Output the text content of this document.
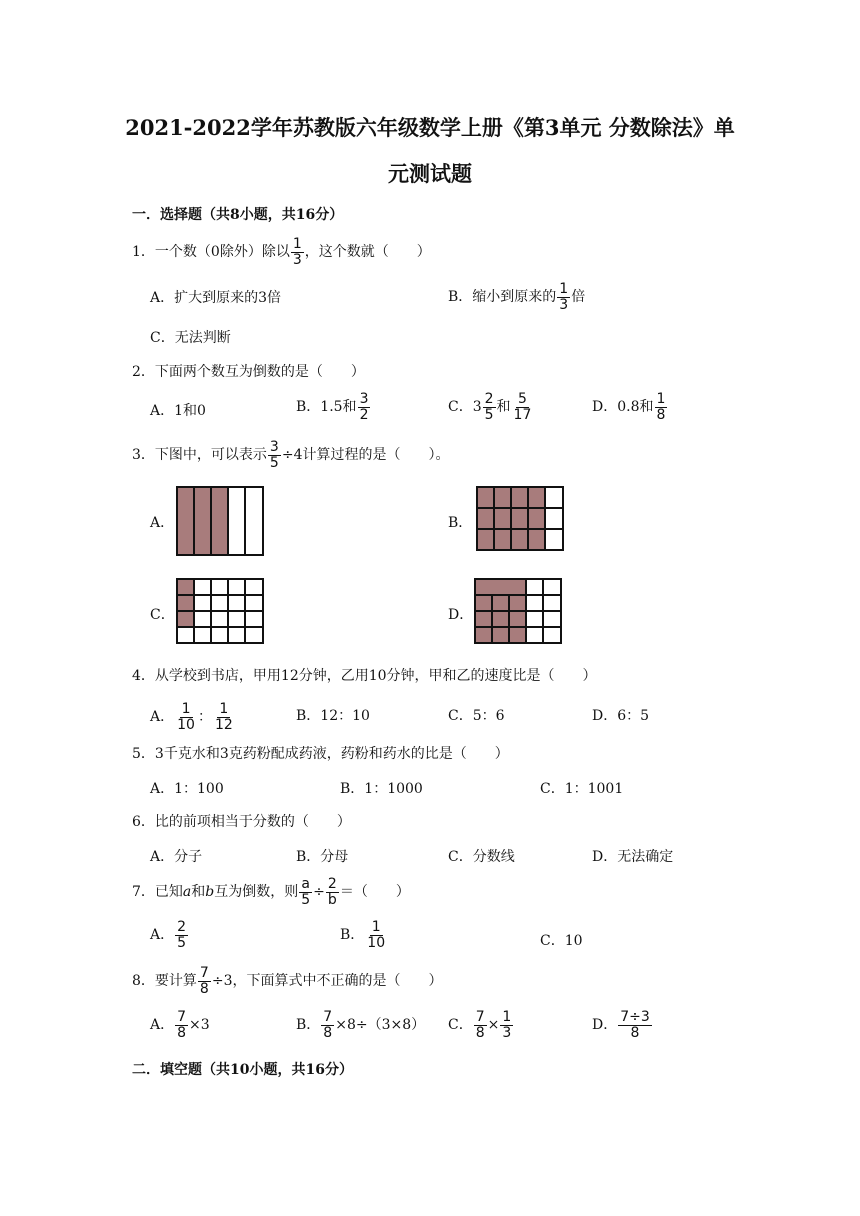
2021-2022学年苏教版六年级数学上册《第3单元 分数除法》单
元测试题
一．选择题（共8小题，共16分）
1．一个数（0除外）除以 $\frac{1}{3}$ ，这个数就（　　）
A．扩大到原来的3倍	B．缩小到原来的 $\frac{1}{3}$ 倍
C．无法判断
2．下面两个数互为倒数的是（　　）
A．1和0	B．1.5和 $\frac{3}{2}$	C．$3 \frac{2}{5}$ 和 $\frac{5}{17}$	D．0.8和 $\frac{1}{8}$
3．下图中，可以表示 $\frac{3}{5} \div 4$计算过程的是（　　）。
A．	B．
C．	D．
4．从学校到书店，甲用12分钟，乙用10分钟，甲和乙的速度比是（　　）
A． $\frac{1}{10}$ ： $\frac{1}{12}$	B．12：10	C．5：6	D．6：5
5．3千克水和3克药粉配成药液，药粉和药水的比是（　　）
A．1：100	B．1：1000	C．1：1001
6．比的前项相当于分数的（　　）
A．分子	B．分母	C．分数线	D．无法确定
7．已知a和b互为倒数，则 $\frac{a}{5} \div \frac{2}{b}$ ＝（　　）
A． $\frac{2}{5}$	B． $\frac{1}{10}$	C．10
8．要计算 $\frac{7}{8} \div 3$，下面算式中不正确的是（　　）
A． $\frac{7}{8} \times 3$	B． $\frac{7}{8} \times 8\div(3\times 8)$ C． $\frac{7}{8} \times \frac{1}{3}$	D． $\frac{7\div 3}{8}$
二．填空题（共10小题，共16分）
